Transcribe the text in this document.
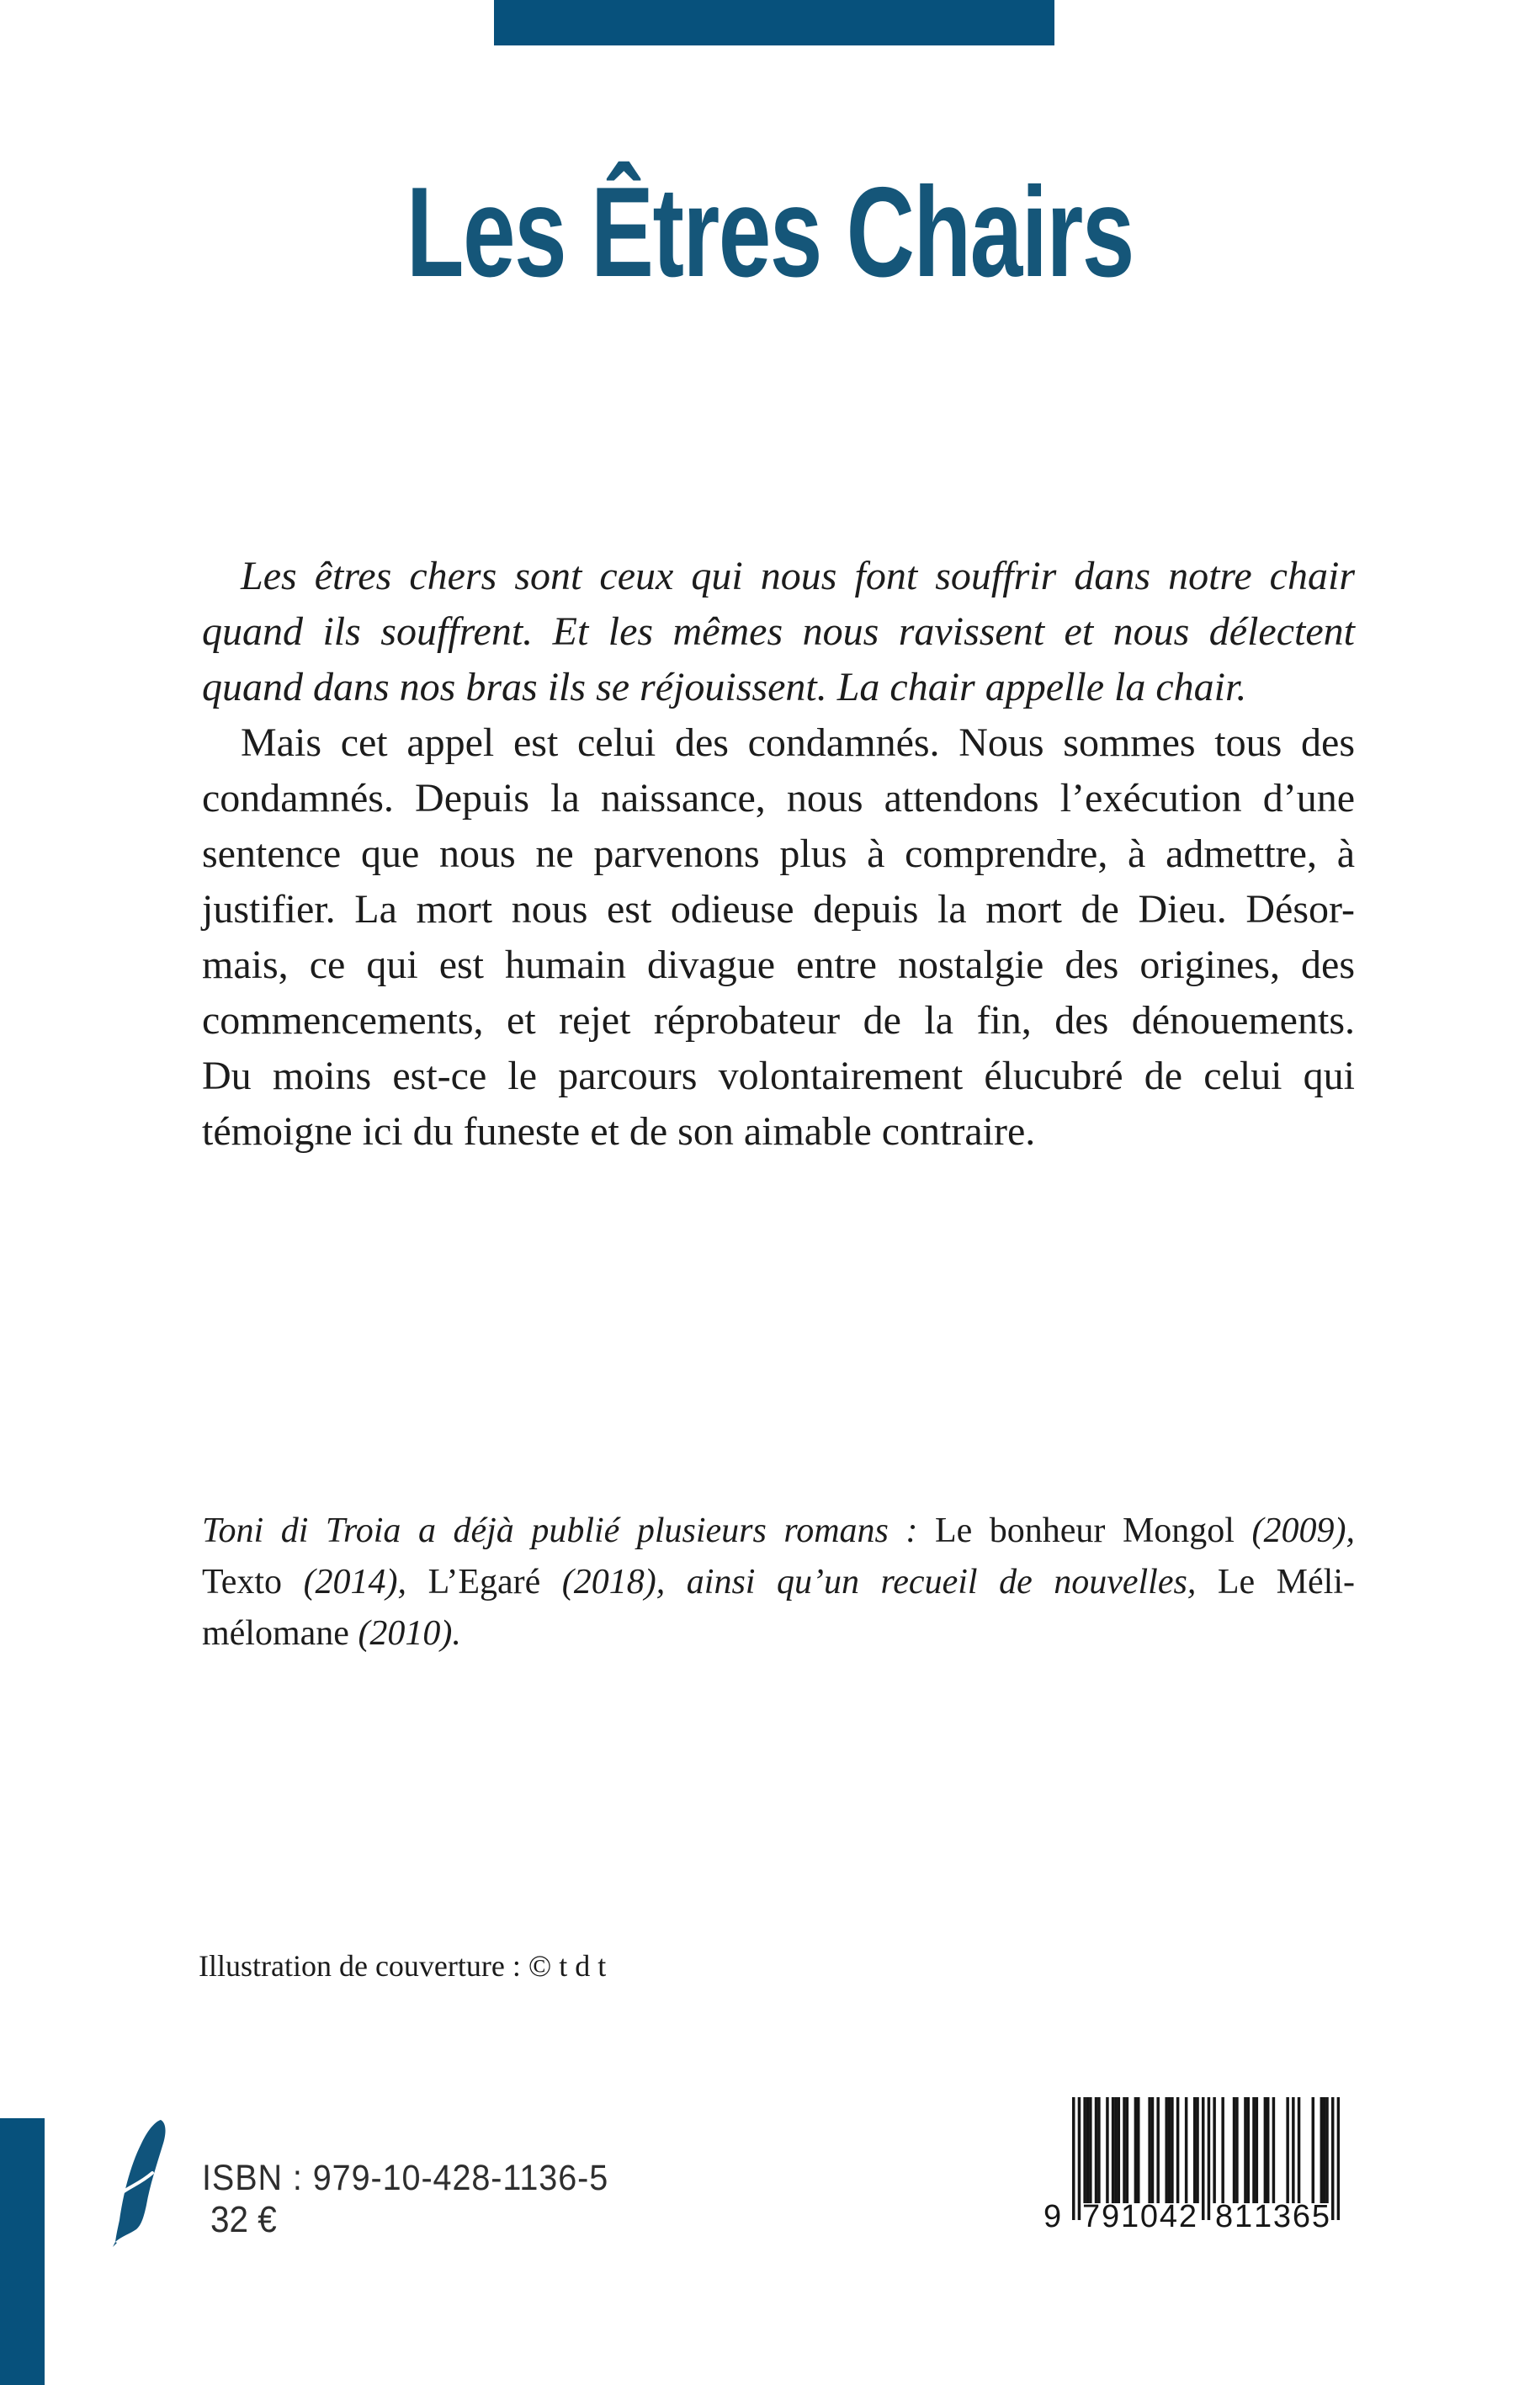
Les Êtres Chairs
Les êtres chers sont ceux qui nous font souffrir dans notre chair
quand ils souffrent. Et les mêmes nous ravissent et nous délectent
quand dans nos bras ils se réjouissent. La chair appelle la chair.
Mais cet appel est celui des condamnés. Nous sommes tous des
condamnés. Depuis la naissance, nous attendons l’exécution d’une
sentence que nous ne parvenons plus à comprendre, à admettre, à
justifier. La mort nous est odieuse depuis la mort de Dieu. Désor-
mais, ce qui est humain divague entre nostalgie des origines, des
commencements, et rejet réprobateur de la fin, des dénouements.
Du moins est-ce le parcours volontairement élucubré de celui qui
témoigne ici du funeste et de son aimable contraire.
Toni di Troia a déjà publié plusieurs romans : Le bonheur Mongol (2009),
Texto (2014), L’Egaré (2018), ainsi qu’un recueil de nouvelles, Le Méli-
mélomane (2010).
Illustration de couverture : © t d t
ISBN : 979-10-428-1136-5
32 €	9 7 9 1 0 4 2 8 1 1 3 6 5
